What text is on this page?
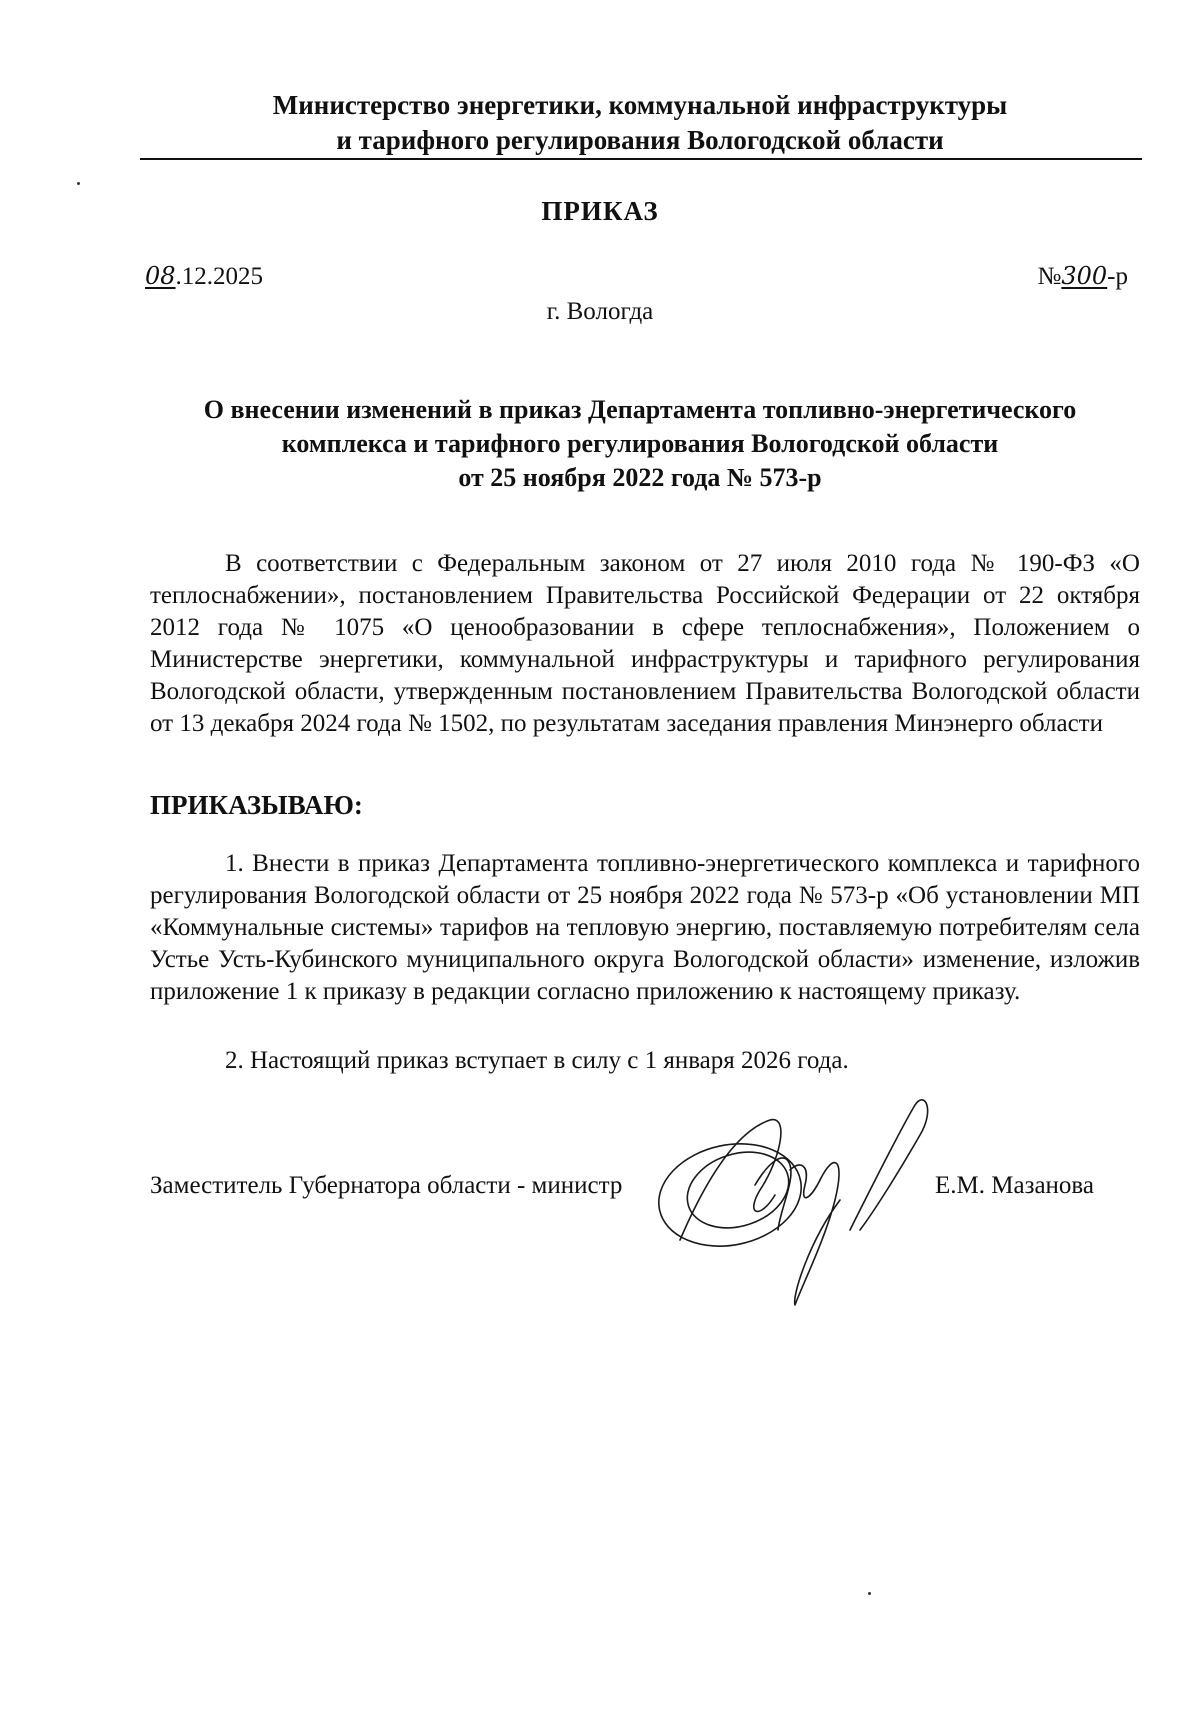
Министерство энергетики, коммунальной инфраструктуры
и тарифного регулирования Вологодской области
ПРИКАЗ
08.12.2025	№300-р
г. Вологда
О внесении изменений в приказ Департамента топливно-энергетического
комплекса и тарифного регулирования Вологодской области
от 25 ноября 2022 года № 573-р
В соответствии с Федеральным законом от 27 июля 2010 года № 190-ФЗ «О теплоснабжении», постановлением Правительства Российской Федерации от 22 октября 2012 года № 1075 «О ценообразовании в сфере теплоснабжения», Положением о Министерстве энергетики, коммунальной инфраструктуры и тарифного регулирования Вологодской области, утвержденным постановлением Правительства Вологодской области от 13 декабря 2024 года № 1502, по результатам заседания правления Минэнерго области
ПРИКАЗЫВАЮ:
1. Внести в приказ Департамента топливно-энергетического комплекса и тарифного регулирования Вологодской области от 25 ноября 2022 года № 573-р «Об установлении МП «Коммунальные системы» тарифов на тепловую энергию, поставляемую потребителям села Устье Усть-Кубинского муниципального округа Вологодской области» изменение, изложив приложение 1 к приказу в редакции согласно приложению к настоящему приказу.
2. Настоящий приказ вступает в силу с 1 января 2026 года.
Заместитель Губернатора области - министр	Е.М. Мазанова
